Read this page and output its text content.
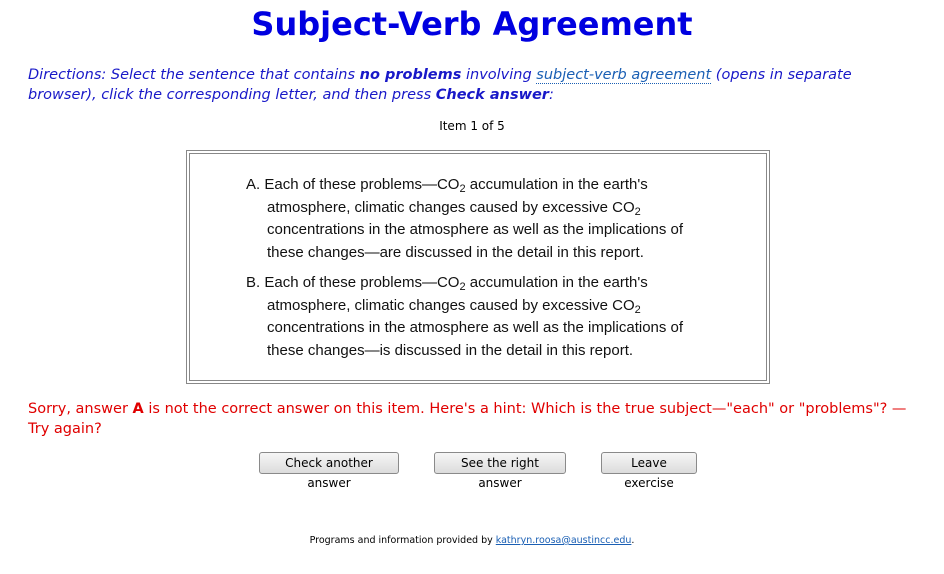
Subject-Verb Agreement
Directions: Select the sentence that contains no problems involving subject-verb agreement (opens in separate browser), click the corresponding letter, and then press Check answer:
Item 1 of 5
A. Each of these $problems—CO_2$ accumulation in the earth's
atmosphere, climatic changes caused by excessive $CO_2$
concentrations in the atmosphere as well as the implications of
these changes—are discussed in the detail in this report.
B. Each of these $problems—CO_2$ accumulation in the earth's
atmosphere, climatic changes caused by excessive $CO_2$
concentrations in the atmosphere as well as the implications of
these changes—is discussed in the detail in this report.
Sorry, answer A is not the correct answer on this item. Here's a hint: Which is the true subject—"each" or "problems"? — Try again?
Check another answer
See the right answer
Leave exercise
Programs and information provided by kathryn.roosa@austincc.edu.
